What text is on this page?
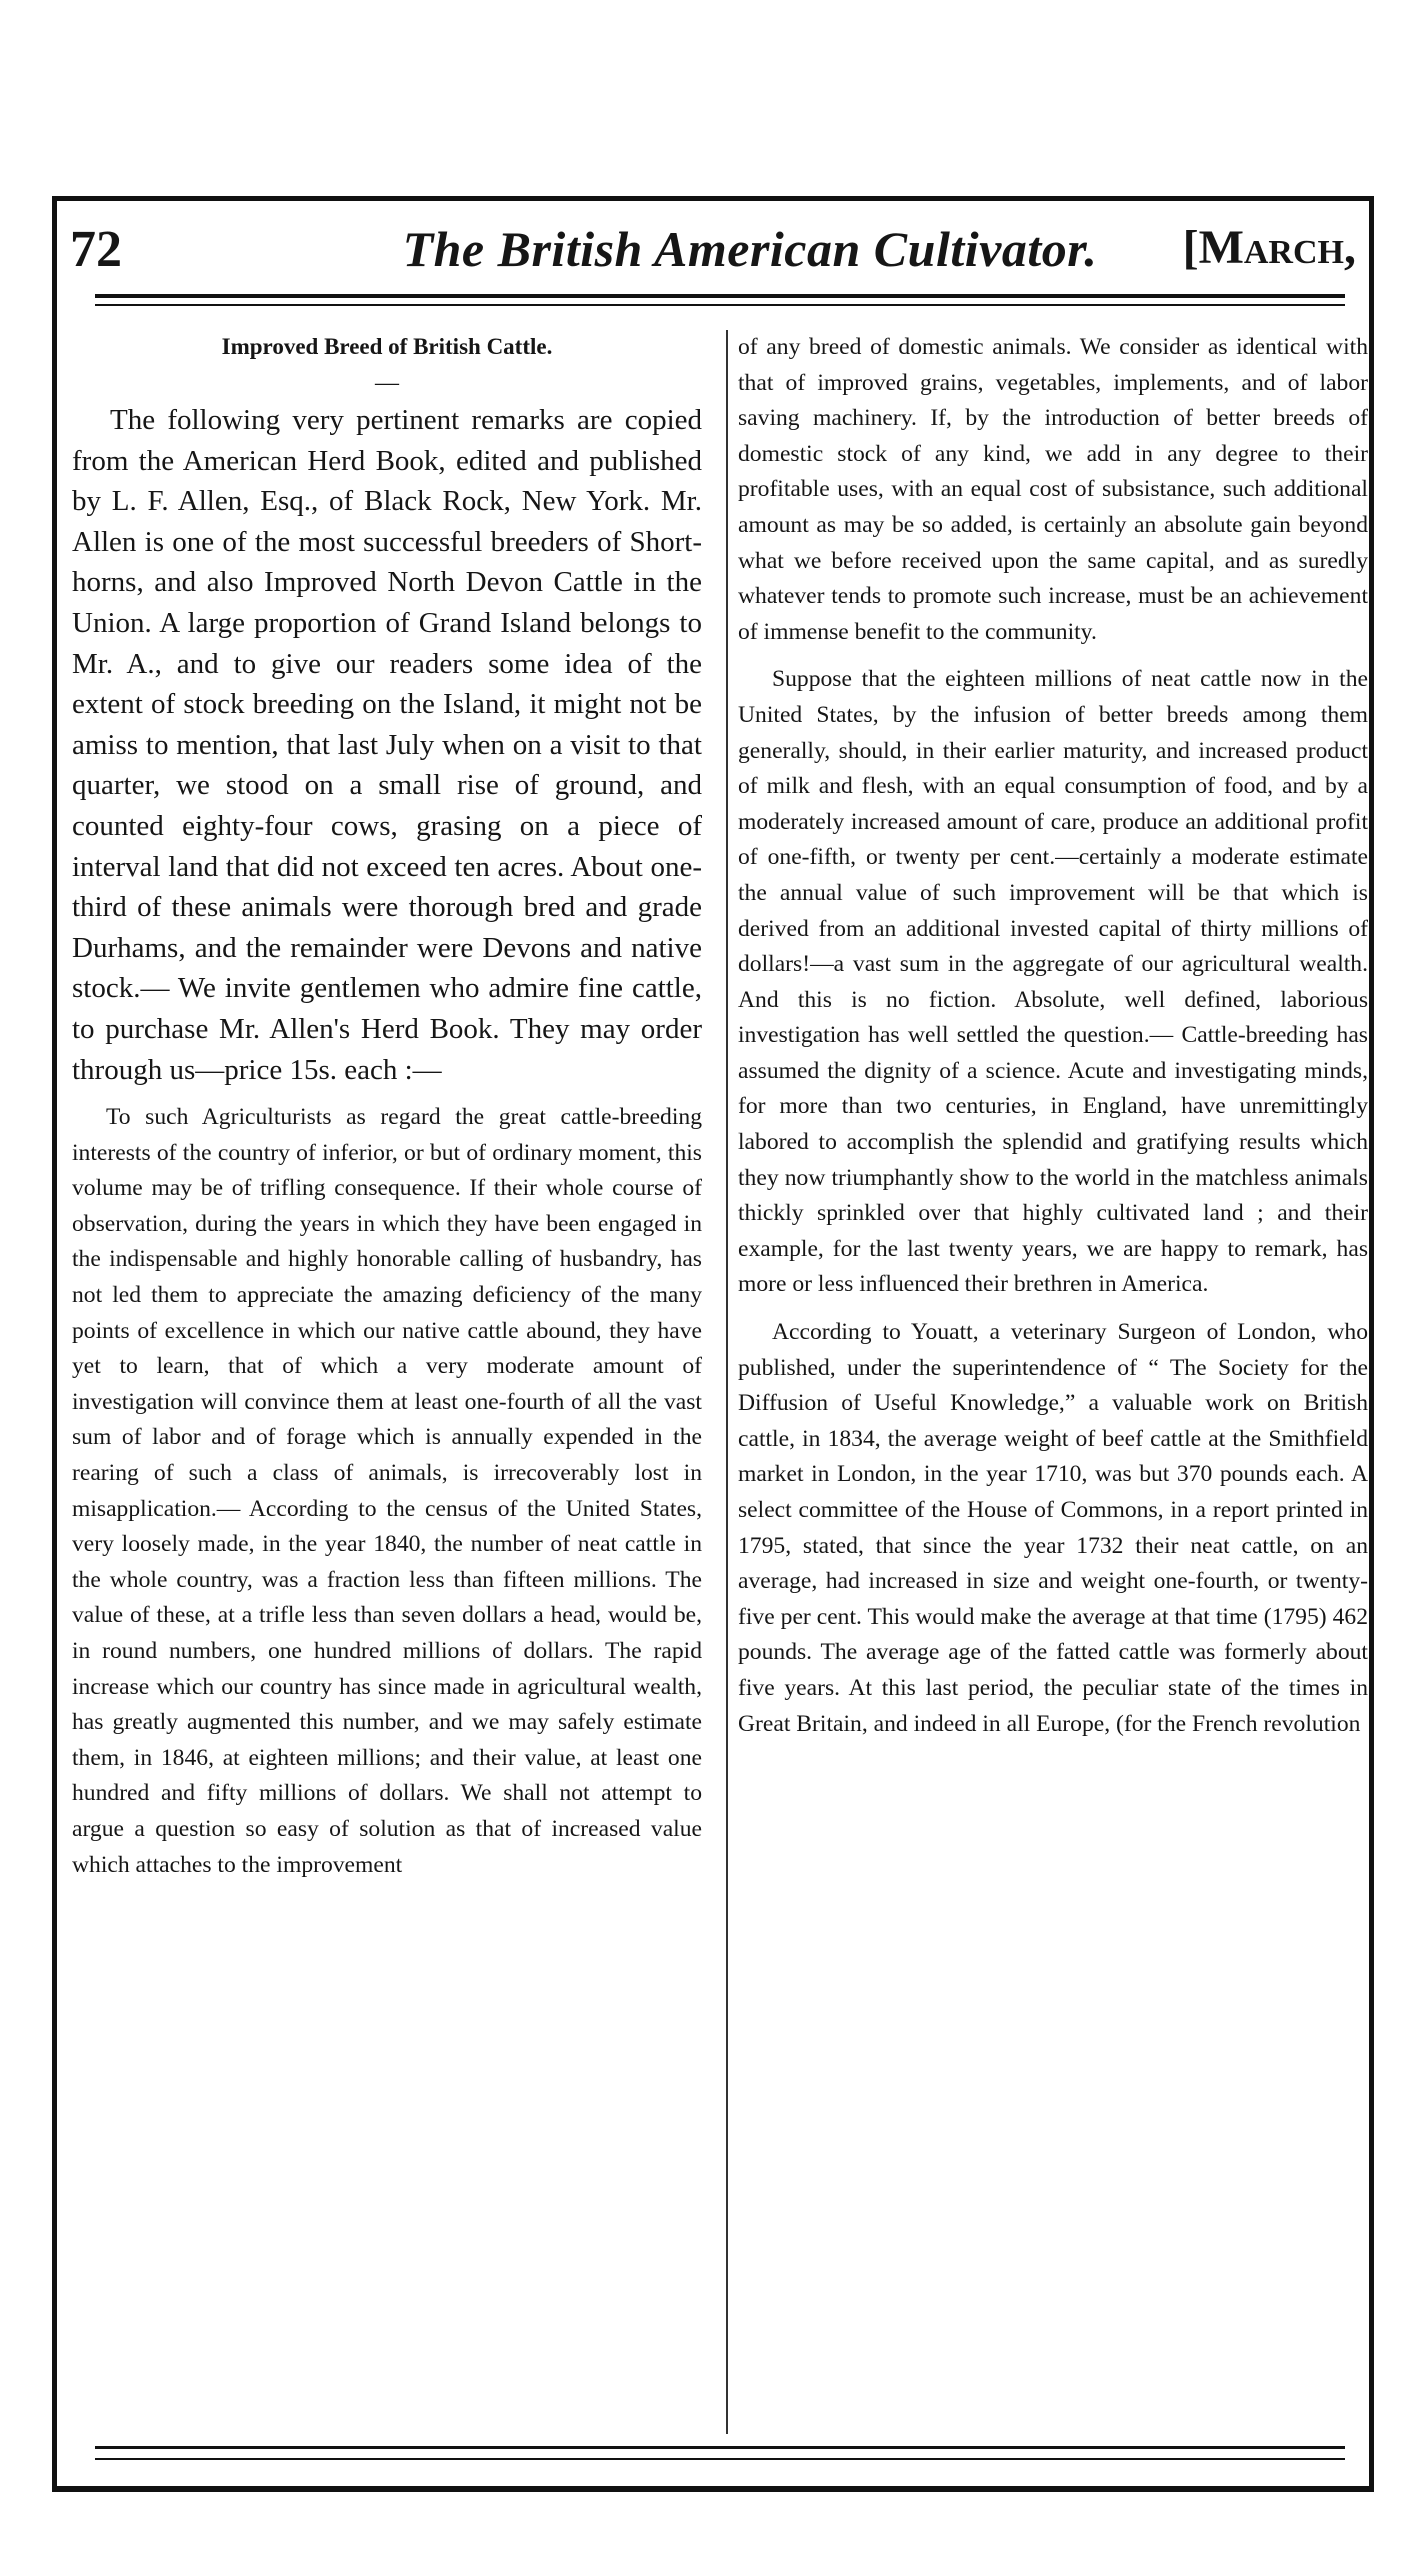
72	The British American Cultivator. [March,
Improved Breed of British Cattle.
—

The following very pertinent remarks are copied from the American Herd Book, edited and published by L. F. Allen, Esq., of Black Rock, New York. Mr. Allen is one of the most successful breeders of Short-horns, and also Improved North Devon Cattle in the Union. A large proportion of Grand Island belongs to Mr. A., and to give our readers some idea of the extent of stock breeding on the Island, it might not be amiss to mention, that last July when on a visit to that quarter, we stood on a small rise of ground, and counted eighty-four cows, grasing on a piece of interval land that did not exceed ten acres. About one-third of these animals were thorough bred and grade Durhams, and the remainder were Devons and native stock.— We invite gentlemen who admire fine cattle, to purchase Mr. Allen's Herd Book. They may order through us—price 15s. each :—

To such Agriculturists as regard the great cattle-breeding interests of the country of inferior, or but of ordinary moment, this volume may be of trifling consequence. If their whole course of observation, during the years in which they have been engaged in the indispensable and highly honorable calling of husbandry, has not led them to appreciate the amazing deficiency of the many points of excellence in which our native cattle abound, they have yet to learn, that of which a very moderate amount of investigation will convince them at least one-fourth of all the vast sum of labor and of forage which is annually expended in the rearing of such a class of animals, is irrecoverably lost in misapplication.— According to the census of the United States, very loosely made, in the year 1840, the number of neat cattle in the whole country, was a fraction less than fifteen millions. The value of these, at a trifle less than seven dollars a head, would be, in round numbers, one hundred millions of dollars. The rapid increase which our country has since made in agricultural wealth, has greatly augmented this number, and we may safely estimate them, in 1846, at eighteen millions; and their value, at least one hundred and fifty millions of dollars. We shall not attempt to argue a question so easy of solution as that of increased value which attaches to the improvement

of any breed of domestic animals. We consider as identical with that of improved grains, vegetables, implements, and of labor saving machinery. If, by the introduction of better breeds of domestic stock of any kind, we add in any degree to their profitable uses, with an equal cost of subsistance, such additional amount as may be so added, is certainly an absolute gain beyond what we before received upon the same capital, and as suredly whatever tends to promote such increase, must be an achievement of immense benefit to the community.

Suppose that the eighteen millions of neat cattle now in the United States, by the infusion of better breeds among them generally, should, in their earlier maturity, and increased product of milk and flesh, with an equal consumption of food, and by a moderately increased amount of care, produce an additional profit of one-fifth, or twenty per cent.—certainly a moderate estimate the annual value of such improvement will be that which is derived from an additional invested capital of thirty millions of dollars!—a vast sum in the aggregate of our agricultural wealth. And this is no fiction. Absolute, well defined, laborious investigation has well settled the question.— Cattle-breeding has assumed the dignity of a science. Acute and investigating minds, for more than two centuries, in England, have unremittingly labored to accomplish the splendid and gratifying results which they now triumphantly show to the world in the matchless animals thickly sprinkled over that highly cultivated land ; and their example, for the last twenty years, we are happy to remark, has more or less influenced their brethren in America.

According to Youatt, a veterinary Surgeon of London, who published, under the superintendence of “ The Society for the Diffusion of Useful Knowledge,” a valuable work on British cattle, in 1834, the average weight of beef cattle at the Smithfield market in London, in the year 1710, was but 370 pounds each. A select committee of the House of Commons, in a report printed in 1795, stated, that since the year 1732 their neat cattle, on an average, had increased in size and weight one-fourth, or twenty-five per cent. This would make the average at that time (1795) 462 pounds. The average age of the fatted cattle was formerly about five years. At this last period, the peculiar state of the times in Great Britain, and indeed in all Europe, (for the French revolution
